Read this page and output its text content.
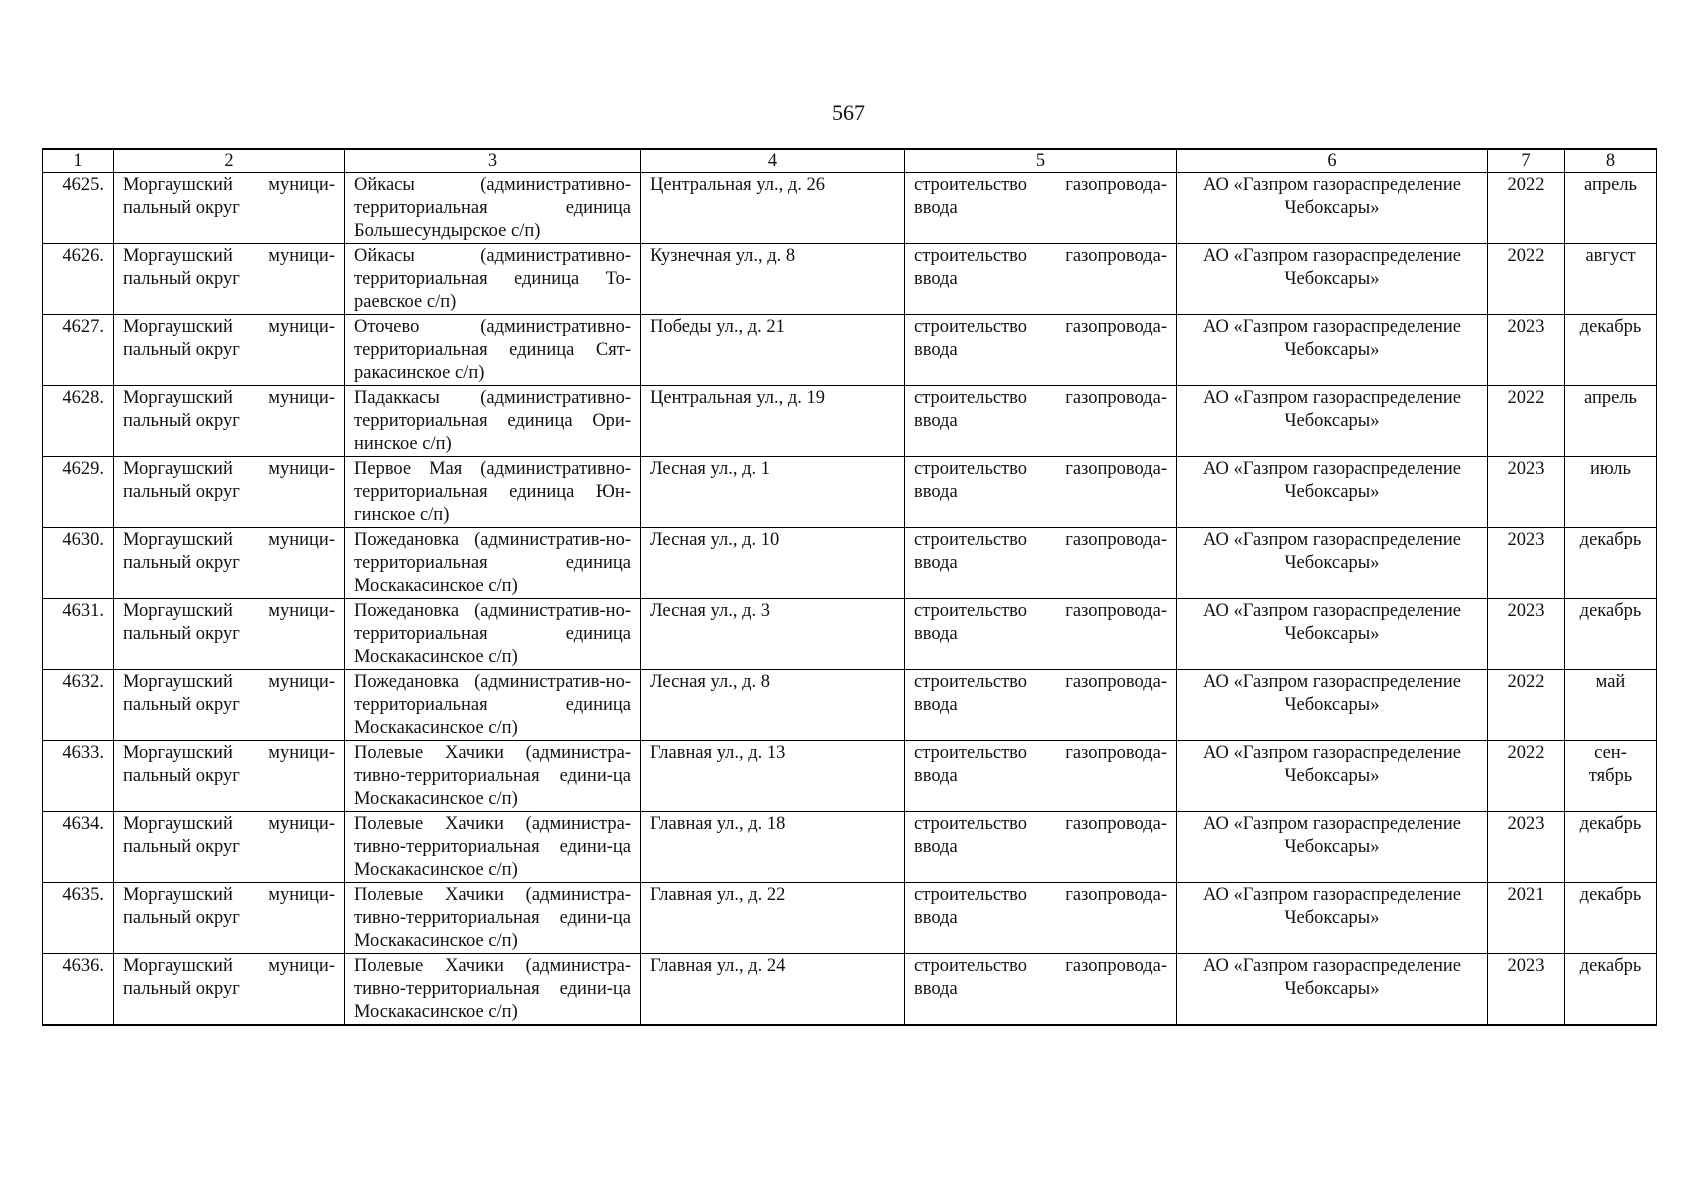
567
1	2	3	4	5	6	7	8
4625.	Моргаушский муници-пальный округ	Ойкасы (административно-территориальная единица Большесундырское с/п)	Центральная ул., д. 26	строительство газопровода-ввода	АО «Газпром газораспределение Чебоксары»	2022	апрель
4626.	Моргаушский муници-пальный округ	Ойкасы (административно-территориальная единица То-раевское с/п)	Кузнечная ул., д. 8	строительство газопровода-ввода	АО «Газпром газораспределение Чебоксары»	2022	август
4627.	Моргаушский муници-пальный округ	Оточево (административно-территориальная единица Сят-ракасинское с/п)	Победы ул., д. 21	строительство газопровода-ввода	АО «Газпром газораспределение Чебоксары»	2023	декабрь
4628.	Моргаушский муници-пальный округ	Падаккасы (административно-территориальная единица Ори-нинское с/п)	Центральная ул., д. 19	строительство газопровода-ввода	АО «Газпром газораспределение Чебоксары»	2022	апрель
4629.	Моргаушский муници-пальный округ	Первое Мая (административно-территориальная единица Юн-гинское с/п)	Лесная ул., д. 1	строительство газопровода-ввода	АО «Газпром газораспределение Чебоксары»	2023	июль
4630.	Моргаушский муници-пальный округ	Пожедановка (административ-но-территориальная единица Москакасинское с/п)	Лесная ул., д. 10	строительство газопровода-ввода	АО «Газпром газораспределение Чебоксары»	2023	декабрь
4631.	Моргаушский муници-пальный округ	Пожедановка (административ-но-территориальная единица Москакасинское с/п)	Лесная ул., д. 3	строительство газопровода-ввода	АО «Газпром газораспределение Чебоксары»	2023	декабрь
4632.	Моргаушский муници-пальный округ	Пожедановка (административ-но-территориальная единица Москакасинское с/п)	Лесная ул., д. 8	строительство газопровода-ввода	АО «Газпром газораспределение Чебоксары»	2022	май
4633.	Моргаушский муници-пальный округ	Полевые Хачики (администра-тивно-территориальная едини-ца Москакасинское с/п)	Главная ул., д. 13	строительство газопровода-ввода	АО «Газпром газораспределение Чебоксары»	2022	сен-тябрь
4634.	Моргаушский муници-пальный округ	Полевые Хачики (администра-тивно-территориальная едини-ца Москакасинское с/п)	Главная ул., д. 18	строительство газопровода-ввода	АО «Газпром газораспределение Чебоксары»	2023	декабрь
4635.	Моргаушский муници-пальный округ	Полевые Хачики (администра-тивно-территориальная едини-ца Москакасинское с/п)	Главная ул., д. 22	строительство газопровода-ввода	АО «Газпром газораспределение Чебоксары»	2021	декабрь
4636.	Моргаушский муници-пальный округ	Полевые Хачики (администра-тивно-территориальная едини-ца Москакасинское с/п)	Главная ул., д. 24	строительство газопровода-ввода	АО «Газпром газораспределение Чебоксары»	2023	декабрь
